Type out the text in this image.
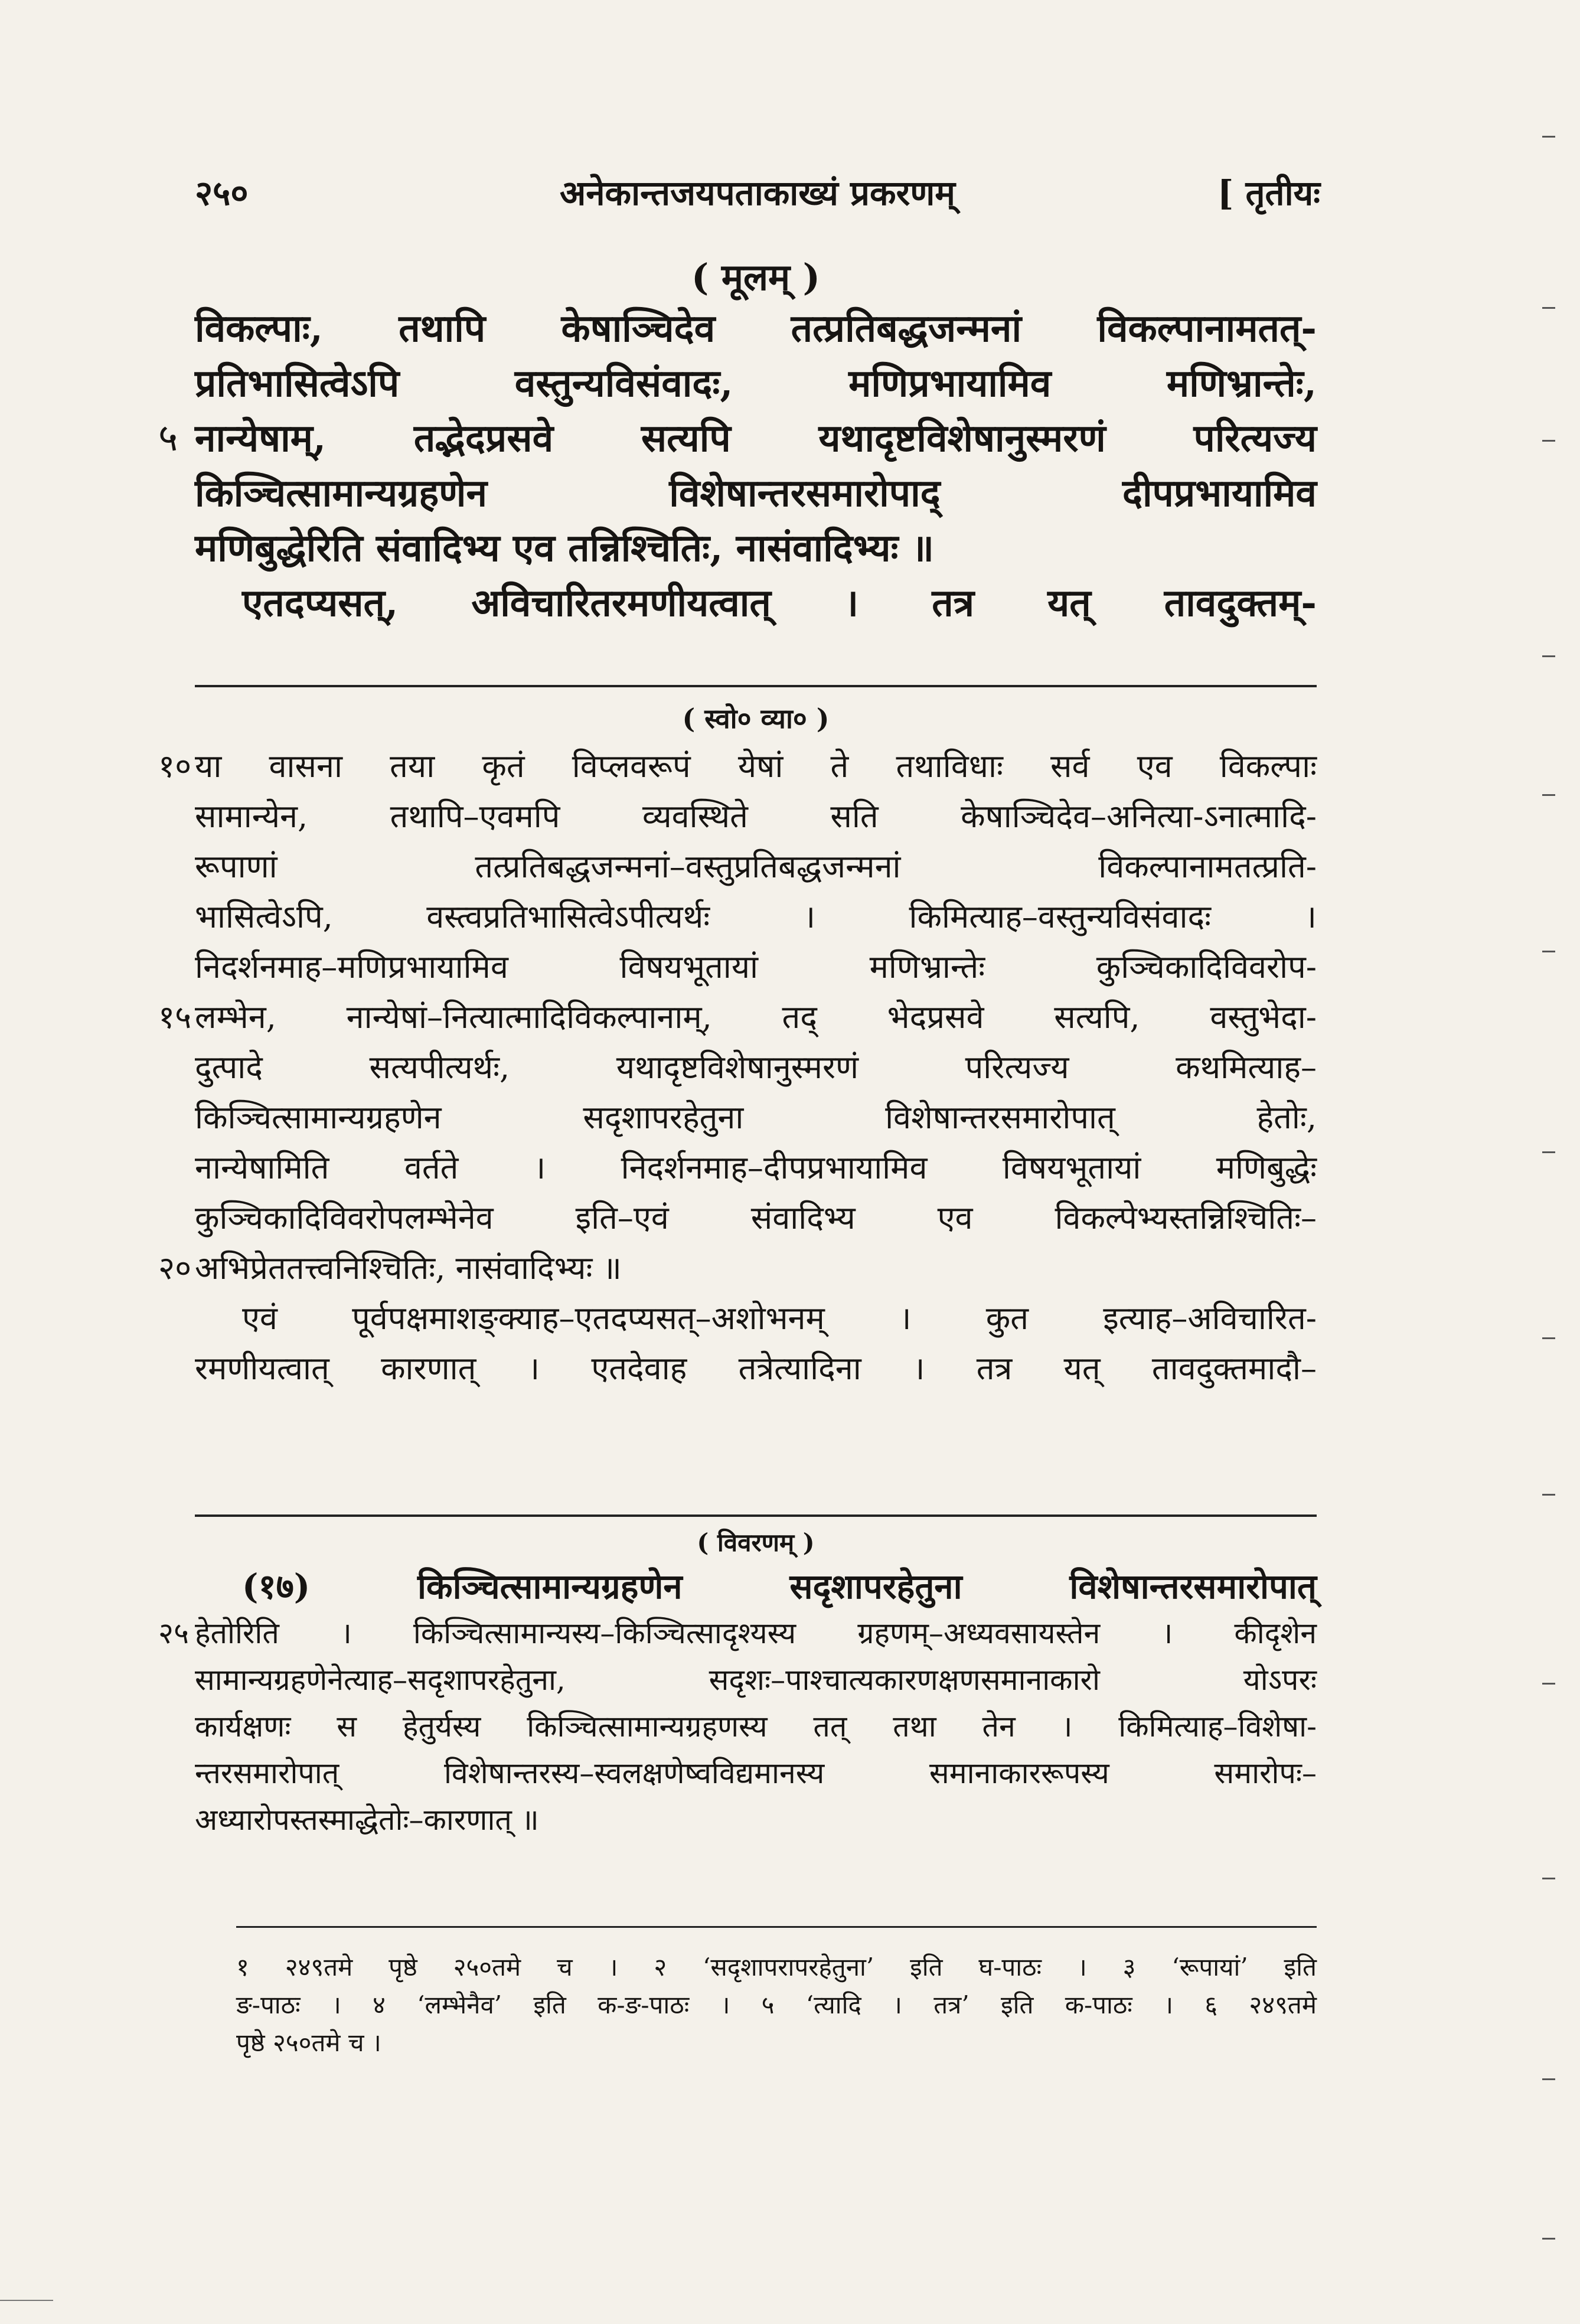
२५०	अनेकान्तजयपताकाख्यं प्रकरणम्	[ तृतीयः
( मूलम् )
विकल्पाः, तथापि केषाञ्चिदेव तत्प्रतिबद्धजन्मनां विकल्पानामतत्-
प्रतिभासित्वेऽपि वस्तुन्यविसंवादः, मणिप्रभायामिव मणिभ्रान्तेः,
५ नान्येषाम्, तद्भेदप्रसवे सत्यपि यथादृष्टविशेषानुस्मरणं परित्यज्य
किञ्चित्सामान्यग्रहणेन विशेषान्तरसमारोपाद् दीपप्रभायामिव
मणिबुद्धेरिति संवादिभ्य एव तन्निश्चितिः, नासंवादिभ्यः ॥
एतदप्यसत्, अविचारितरमणीयत्वात् । तत्र यत् तावदुक्तम्-
( स्वो० व्या० )
१० या वासना तया कृतं विप्लवरूपं येषां ते तथाविधाः सर्व एव विकल्पाः
सामान्येन, तथापि–एवमपि व्यवस्थिते सति केषाञ्चिदेव–अनित्या-ऽनात्मादि-
रूपाणां तत्प्रतिबद्धजन्मनां–वस्तुप्रतिबद्धजन्मनां विकल्पानामतत्प्रति-
भासित्वेऽपि, वस्त्वप्रतिभासित्वेऽपीत्यर्थः । किमित्याह–वस्तुन्यविसंवादः ।
निदर्शनमाह–मणिप्रभायामिव विषयभूतायां मणिभ्रान्तेः कुञ्चिकादिविवरोप-
१५ लम्भेन, नान्येषां–नित्यात्मादिविकल्पानाम्, तद् भेदप्रसवे सत्यपि, वस्तुभेदा-
दुत्पादे सत्यपीत्यर्थः, यथादृष्टविशेषानुस्मरणं परित्यज्य कथमित्याह–
किञ्चित्सामान्यग्रहणेन सदृशापरहेतुना विशेषान्तरसमारोपात् हेतोः,
नान्येषामिति वर्तते । निदर्शनमाह–दीपप्रभायामिव विषयभूतायां मणिबुद्धेः
कुञ्चिकादिविवरोपलम्भेनेव इति–एवं संवादिभ्य एव विकल्पेभ्यस्तन्निश्चितिः–
२० अभिप्रेततत्त्वनिश्चितिः, नासंवादिभ्यः ॥
एवं पूर्वपक्षमाशङ्क्याह–एतदप्यसत्–अशोभनम् । कुत इत्याह–अविचारित-
रमणीयत्वात् कारणात् । एतदेवाह तत्रेत्यादिना । तत्र यत् तावदुक्तमादौ–
( विवरणम् )
(१७) किञ्चित्सामान्यग्रहणेन सदृशापरहेतुना विशेषान्तरसमारोपात्
२५ हेतोरिति । किञ्चित्सामान्यस्य–किञ्चित्सादृश्यस्य ग्रहणम्–अध्यवसायस्तेन । कीदृशेन
सामान्यग्रहणेनेत्याह–सदृशापरहेतुना, सदृशः–पाश्चात्यकारणक्षणसमानाकारो योऽपरः
कार्यक्षणः स हेतुर्यस्य किञ्चित्सामान्यग्रहणस्य तत् तथा तेन । किमित्याह–विशेषा-
न्तरसमारोपात् विशेषान्तरस्य–स्वलक्षणेष्वविद्यमानस्य समानाकाररूपस्य समारोपः–
अध्यारोपस्तस्माद्धेतोः–कारणात् ॥
१ २४९तमे पृष्ठे २५०तमे च । २ ‘सदृशापरापरहेतुना’ इति घ-पाठः । ३ ‘रूपायां’ इति
ङ-पाठः । ४ ‘लम्भेनैव’ इति क-ङ-पाठः । ५ ‘त्यादि । तत्र’ इति क-पाठः । ६ २४९तमे
पृष्ठे २५०तमे च ।
